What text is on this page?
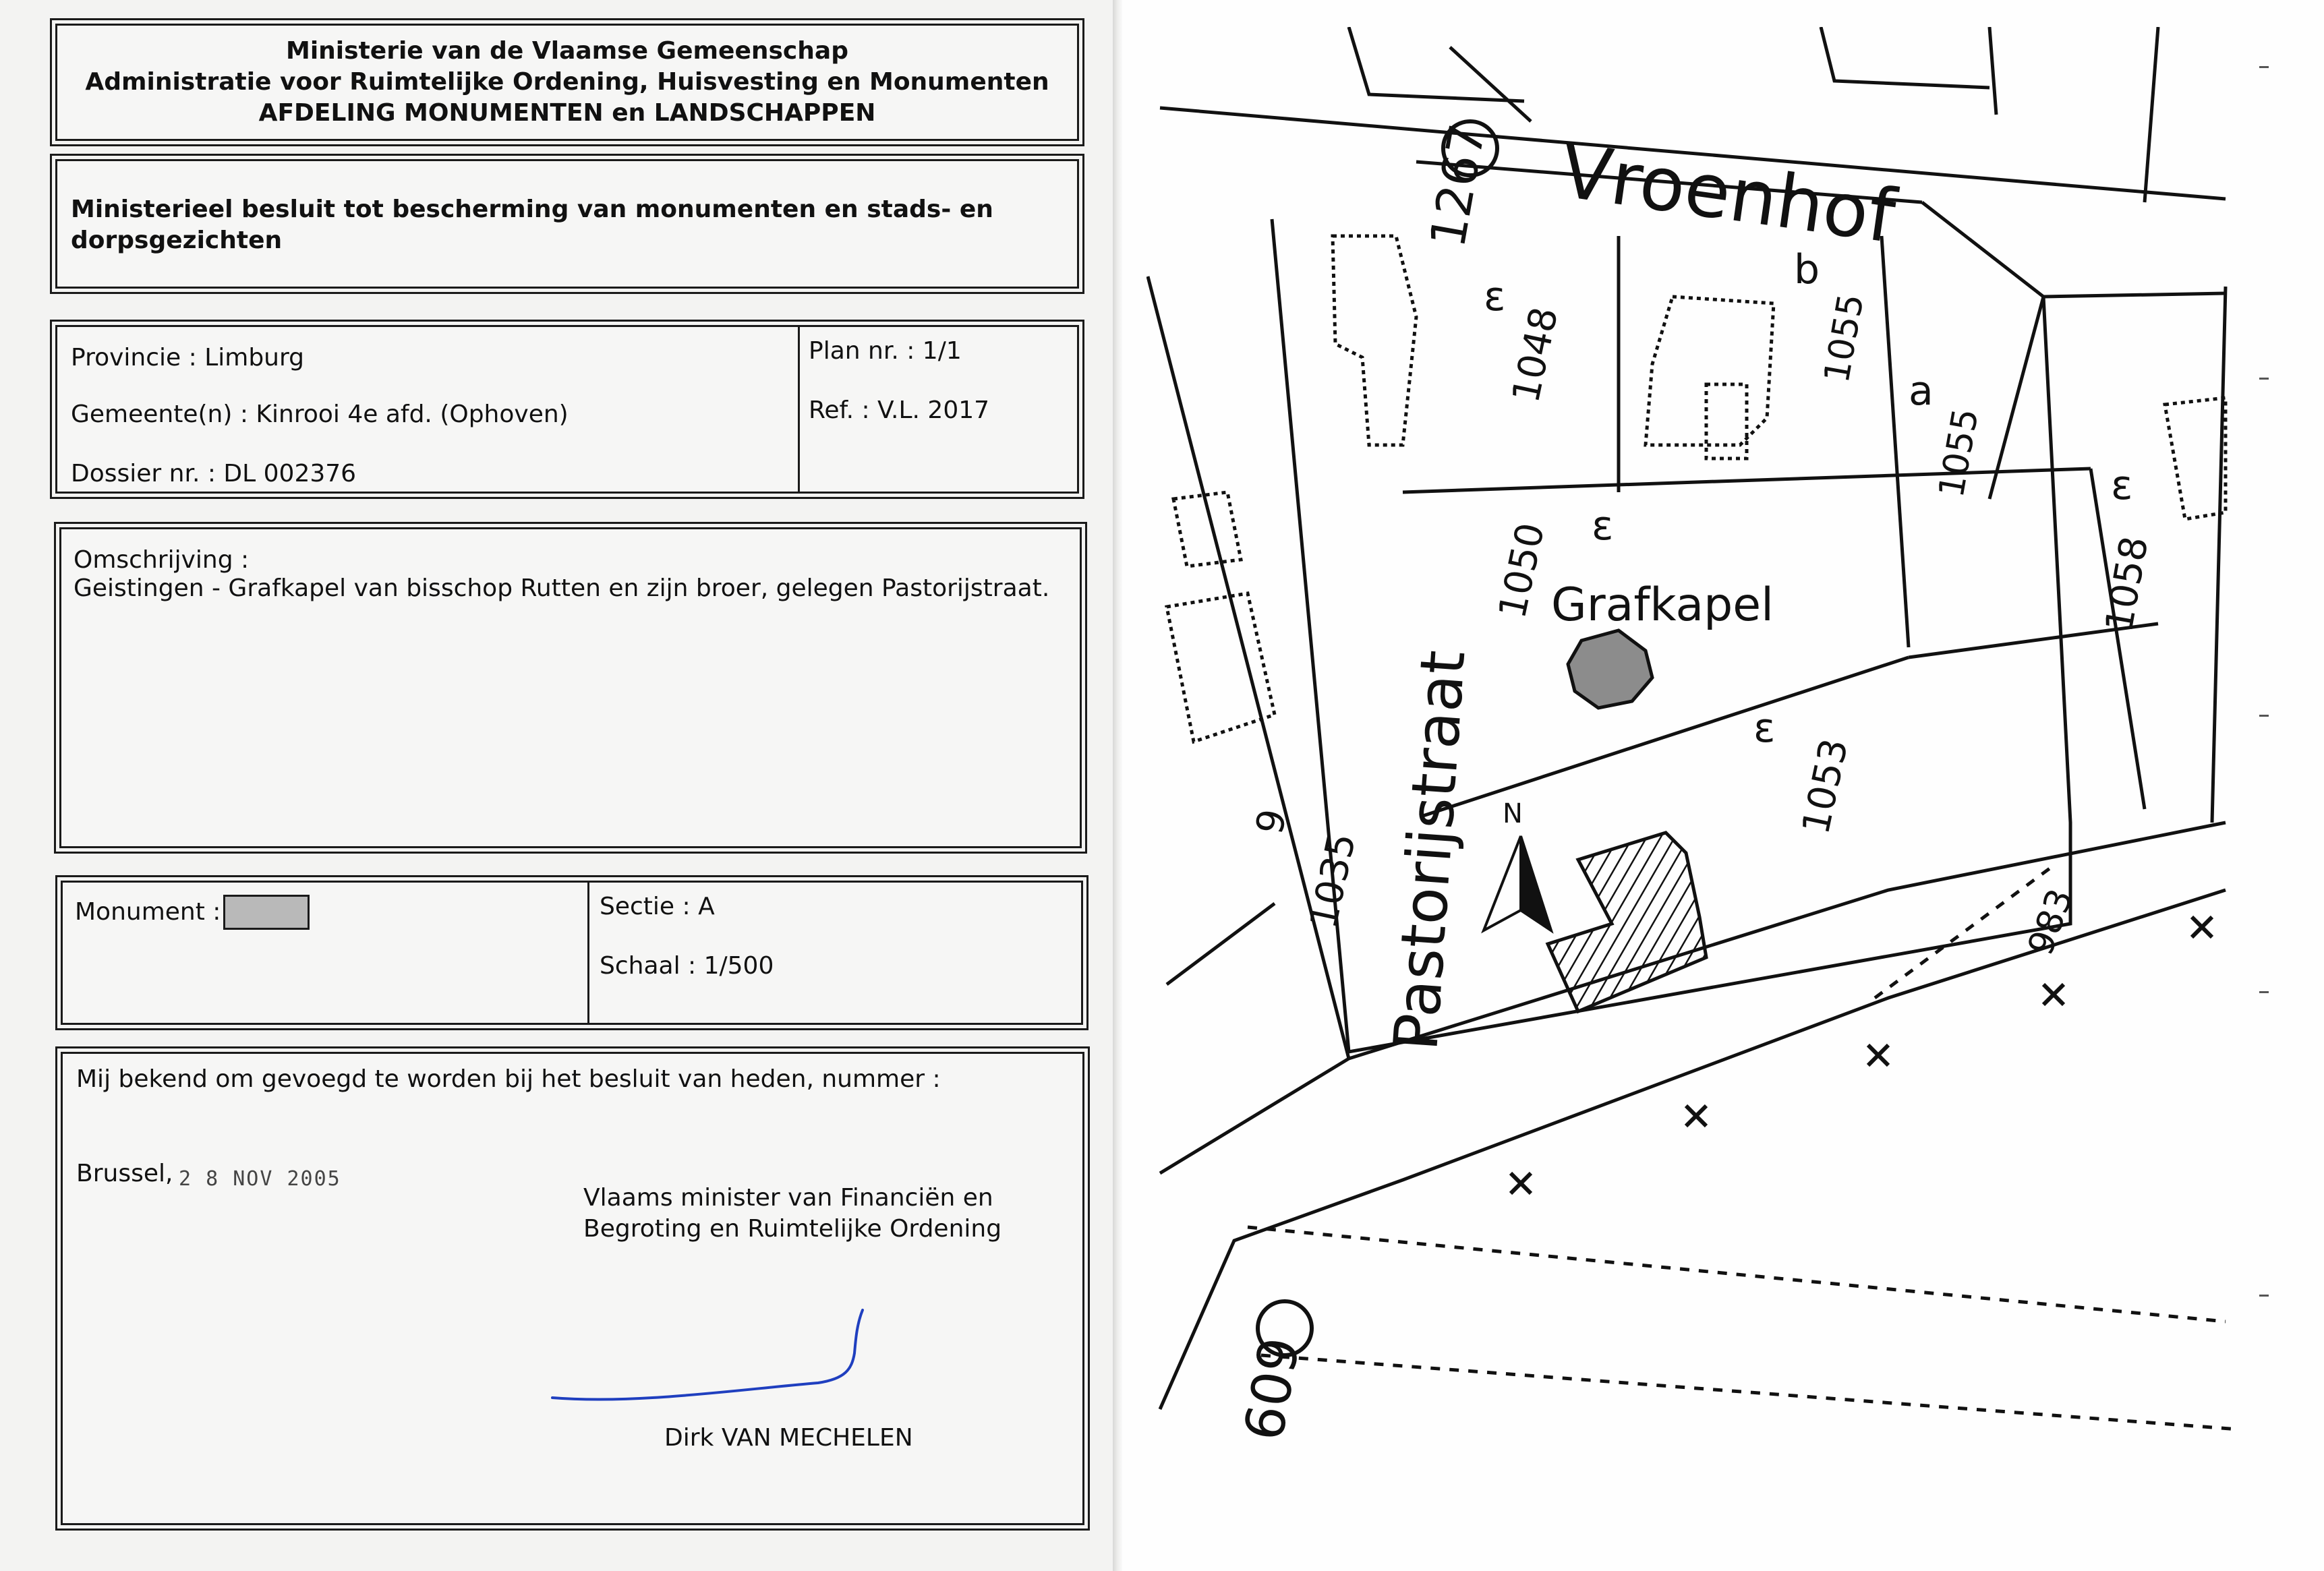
Ministerie van de Vlaamse Gemeenschap
Administratie voor Ruimtelijke Ordening, Huisvesting en Monumenten
AFDELING MONUMENTEN en LANDSCHAPPEN
Ministerieel besluit tot bescherming van monumenten en stads- en
dorpsgezichten
Provincie : Limburg
Gemeente(n) : Kinrooi 4e afd. (Ophoven)
Dossier nr. : DL 002376
Plan nr. : 1/1
Ref. : V.L. 2017
Omschrijving :
Geistingen - Grafkapel van bisschop Rutten en zijn broer, gelegen Pastorijstraat.
Monument :	Sectie : A
Schaal : 1/500
Mij bekend om gevoegd te worden bij het besluit van heden, nummer :
Brussel, 2 8 NOV 2005
Vlaams minister van Financiën en
Begroting en Ruimtelijke Ordening
Dirk VAN MECHELEN
N
Vroenhof
Pastorijstraat
Grafkapel
1267
1048	1055
a
1055
1050
1053
1058
9
1035	983
609
ε
b
ε
ε
ε
